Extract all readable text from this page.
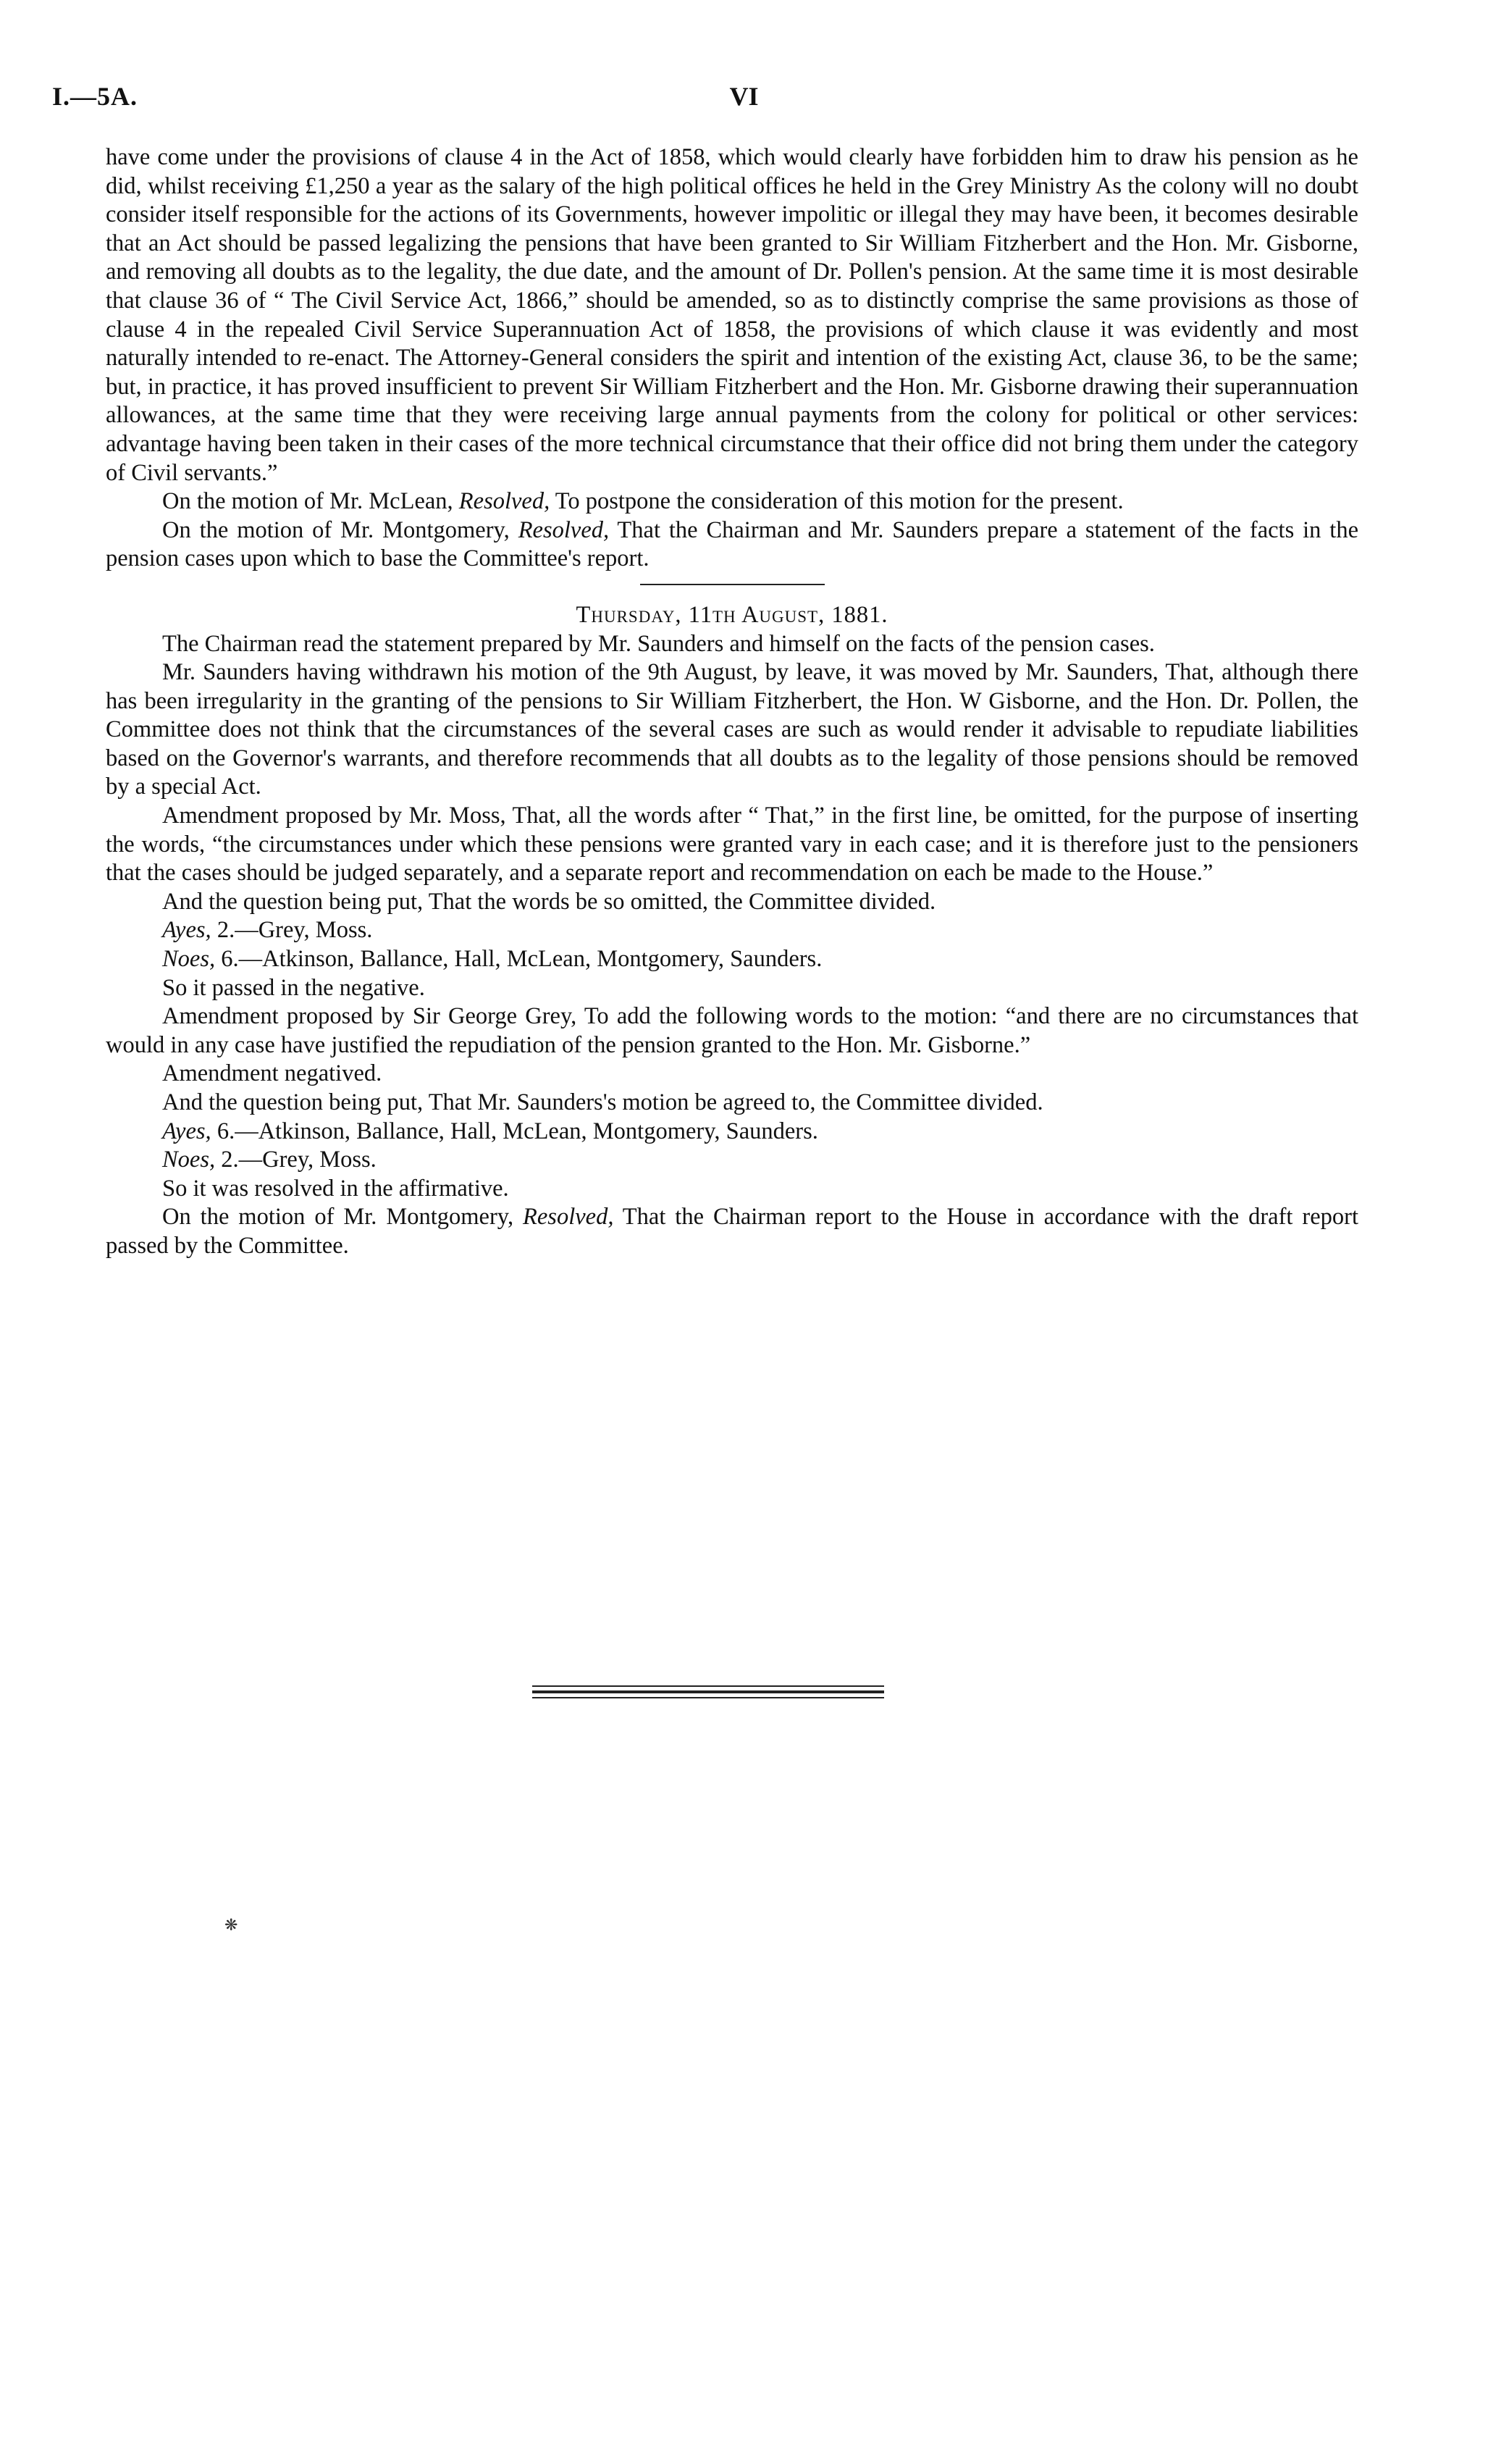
I.—5A.	VI

have come under the provisions of clause 4 in the Act of 1858, which would clearly have forbidden him to draw his pension as he did, whilst receiving £1,250 a year as the salary of the high political offices he held in the Grey Ministry As the colony will no doubt consider itself responsible for the actions of its Governments, however impolitic or illegal they may have been, it becomes desirable that an Act should be passed legalizing the pensions that have been granted to Sir William Fitzherbert and the Hon. Mr. Gisborne, and removing all doubts as to the legality, the due date, and the amount of Dr. Pollen's pension. At the same time it is most desirable that clause 36 of “ The Civil Service Act, 1866,” should be amended, so as to distinctly comprise the same provisions as those of clause 4 in the repealed Civil Service Superannuation Act of 1858, the provisions of which clause it was evidently and most naturally intended to re-enact. The Attorney-General considers the spirit and intention of the existing Act, clause 36, to be the same; but, in practice, it has proved insufficient to prevent Sir William Fitzherbert and the Hon. Mr. Gisborne drawing their superannuation allowances, at the same time that they were receiving large annual payments from the colony for political or other services: advantage having been taken in their cases of the more technical circumstance that their office did not bring them under the category of Civil servants.”

On the motion of Mr. McLean, Resolved, To postpone the consideration of this motion for the present.

On the motion of Mr. Montgomery, Resolved, That the Chairman and Mr. Saunders prepare a statement of the facts in the pension cases upon which to base the Committee's report.

Thursday, 11th August, 1881.

The Chairman read the statement prepared by Mr. Saunders and himself on the facts of the pension cases.

Mr. Saunders having withdrawn his motion of the 9th August, by leave, it was moved by Mr. Saunders, That, although there has been irregularity in the granting of the pensions to Sir William Fitzherbert, the Hon. W Gisborne, and the Hon. Dr. Pollen, the Committee does not think that the circumstances of the several cases are such as would render it advisable to repudiate liabilities based on the Governor's warrants, and therefore recommends that all doubts as to the legality of those pensions should be removed by a special Act.

Amendment proposed by Mr. Moss, That, all the words after “ That,” in the first line, be omitted, for the purpose of inserting the words, “the circumstances under which these pensions were granted vary in each case; and it is therefore just to the pensioners that the cases should be judged separately, and a separate report and recommendation on each be made to the House.”

And the question being put, That the words be so omitted, the Committee divided.

Ayes, 2.—Grey, Moss.

Noes, 6.—Atkinson, Ballance, Hall, McLean, Montgomery, Saunders.

So it passed in the negative.

Amendment proposed by Sir George Grey, To add the following words to the motion: “and there are no circumstances that would in any case have justified the repudiation of the pension granted to the Hon. Mr. Gisborne.”

Amendment negatived.

And the question being put, That Mr. Saunders's motion be agreed to, the Committee divided.

Ayes, 6.—Atkinson, Ballance, Hall, McLean, Montgomery, Saunders.

Noes, 2.—Grey, Moss.

So it was resolved in the affirmative.

On the motion of Mr. Montgomery, Resolved, That the Chairman report to the House in accordance with the draft report passed by the Committee.

❋
